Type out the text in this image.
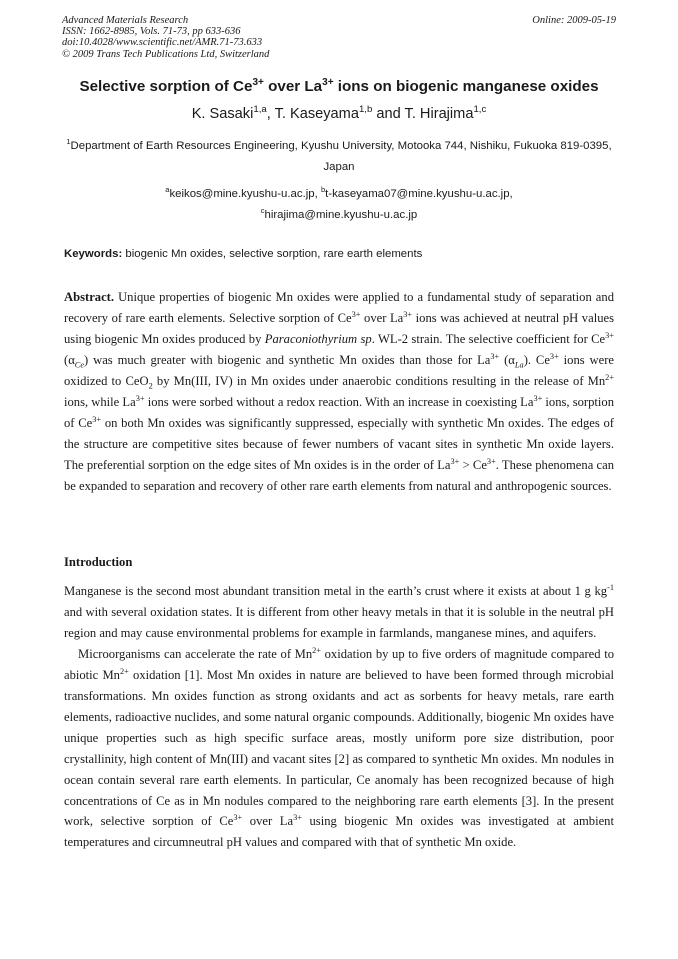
Advanced Materials Research
ISSN: 1662-8985, Vols. 71-73, pp 633-636
doi:10.4028/www.scientific.net/AMR.71-73.633
© 2009 Trans Tech Publications Ltd, Switzerland
Online: 2009-05-19
Selective sorption of $Ce^{3+}$ over $La^{3+}$ ions on biogenic manganese oxides
K. Sasaki$^{1,a}$, T. Kaseyama$^{1,b}$ and T. Hirajima$^{1,c}$
$^1$Department of Earth Resources Engineering, Kyushu University, Motooka 744, Nishiku, Fukuoka 819-0395, Japan
$^a$keikos@mine.kyushu-u.ac.jp, $^b$t-kaseyama07@mine.kyushu-u.ac.jp,
$^c$hirajima@mine.kyushu-u.ac.jp
Keywords: biogenic Mn oxides, selective sorption, rare earth elements
Abstract. Unique properties of biogenic Mn oxides were applied to a fundamental study of separation and recovery of rare earth elements. Selective sorption of $Ce^{3+}$ over $La^{3+}$ ions was achieved at neutral pH values using biogenic Mn oxides produced by Paraconiothyrium sp. WL-2 strain. The selective coefficient for $Ce^{3+}$ $(\alpha_{Ce})$ was much greater with biogenic and synthetic Mn oxides than those for $La^{3+}$ $(\alpha_{La})$. $Ce^{3+}$ ions were oxidized to CeO$_2$ by Mn(III, IV) in Mn oxides under anaerobic conditions resulting in the release of $Mn^{2+}$ ions, while $La^{3+}$ ions were sorbed without a redox reaction. With an increase in coexisting $La^{3+}$ ions, sorption of $Ce^{3+}$ on both Mn oxides was significantly suppressed, especially with synthetic Mn oxides. The edges of the structure are competitive sites because of fewer numbers of vacant sites in synthetic Mn oxide layers. The preferential sorption on the edge sites of Mn oxides is in the order of $La^{3+} > Ce^{3+}$. These phenomena can be expanded to separation and recovery of other rare earth elements from natural and anthropogenic sources.
Introduction

Manganese is the second most abundant transition metal in the earth’s crust where it exists at about 1 g $kg^{-1}$ and with several oxidation states. It is different from other heavy metals in that it is soluble in the neutral pH region and may cause environmental problems for example in farmlands, manganese mines, and aquifers.

Microorganisms can accelerate the rate of $Mn^{2+}$ oxidation by up to five orders of magnitude compared to abiotic $Mn^{2+}$ oxidation [1]. Most Mn oxides in nature are believed to have been formed through microbial transformations. Mn oxides function as strong oxidants and act as sorbents for heavy metals, rare earth elements, radioactive nuclides, and some natural organic compounds. Additionally, biogenic Mn oxides have unique properties such as high specific surface areas, mostly uniform pore size distribution, poor crystallinity, high content of Mn(III) and vacant sites [2] as compared to synthetic Mn oxides. Mn nodules in ocean contain several rare earth elements. In particular, Ce anomaly has been recognized because of high concentrations of Ce as in Mn nodules compared to the neighboring rare earth elements [3]. In the present work, selective sorption of $Ce^{3+}$ over $La^{3+}$ using biogenic Mn oxides was investigated at ambient temperatures and circumneutral pH values and compared with that of synthetic Mn oxide.
